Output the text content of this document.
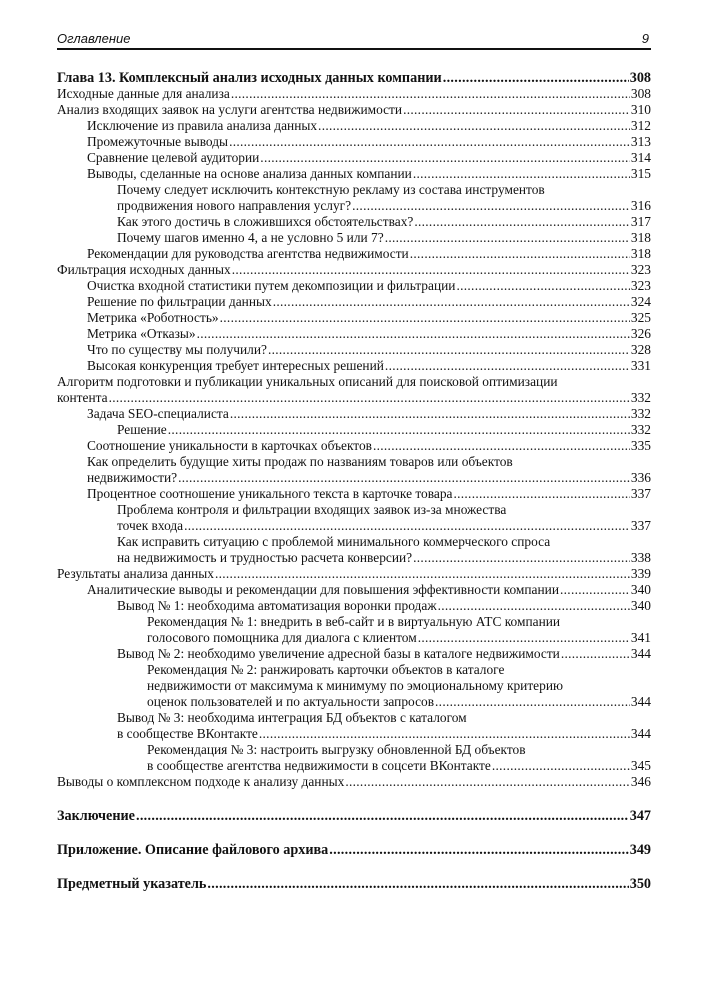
Оглавление	9
Глава 13. Комплексный анализ исходных данных компании .....	308
Исходные данные для анализа .....	308
Анализ входящих заявок на услуги агентства недвижимости .....	310
Исключение из правила анализа данных .....	312
Промежуточные выводы .....	313
Сравнение целевой аудитории .....	314
Выводы, сделанные на основе анализа данных компании .....	315
Почему следует исключить контекстную рекламу из состава инструментов
продвижения нового направления услуг? .....	316
Как этого достичь в сложившихся обстоятельствах? .....	317
Почему шагов именно 4, а не условно 5 или 7? .....	318
Рекомендации для руководства агентства недвижимости .....	318
Фильтрация исходных данных .....	323
Очистка входной статистики путем декомпозиции и фильтрации .....	323
Решение по фильтрации данных .....	324
Метрика «Роботность» .....	325
Метрика «Отказы» .....	326
Что по существу мы получили? .....	328
Высокая конкуренция требует интересных решений .....	331
Алгоритм подготовки и публикации уникальных описаний для поисковой оптимизации
контента .....	332
Задача SEO-специалиста .....	332
Решение .....	332
Соотношение уникальности в карточках объектов .....	335
Как определить будущие хиты продаж по названиям товаров или объектов
недвижимости? .....	336
Процентное соотношение уникального текста в карточке товара .....	337
Проблема контроля и фильтрации входящих заявок из-за множества
точек входа .....	337
Как исправить ситуацию с проблемой минимального коммерческого спроса
на недвижимость и трудностью расчета конверсии? .....	338
Результаты анализа данных .....	339
Аналитические выводы и рекомендации для повышения эффективности компании .....	340
Вывод № 1: необходима автоматизация воронки продаж .....	340
Рекомендация № 1: внедрить в веб-сайт и в виртуальную АТС компании
голосового помощника для диалога с клиентом .....	341
Вывод № 2: необходимо увеличение адресной базы в каталоге недвижимости .....	344
Рекомендация № 2: ранжировать карточки объектов в каталоге
недвижимости от максимума к минимуму по эмоциональному критерию
оценок пользователей и по актуальности запросов .....	344
Вывод № 3: необходима интеграция БД объектов с каталогом
в сообществе ВКонтакте .....	344
Рекомендация № 3: настроить выгрузку обновленной БД объектов
в сообществе агентства недвижимости в соцсети ВКонтакте .....	345
Выводы о комплексном подходе к анализу данных .....	346
Заключение .....	347
Приложение. Описание файлового архива .....	349
Предметный указатель .....	350
